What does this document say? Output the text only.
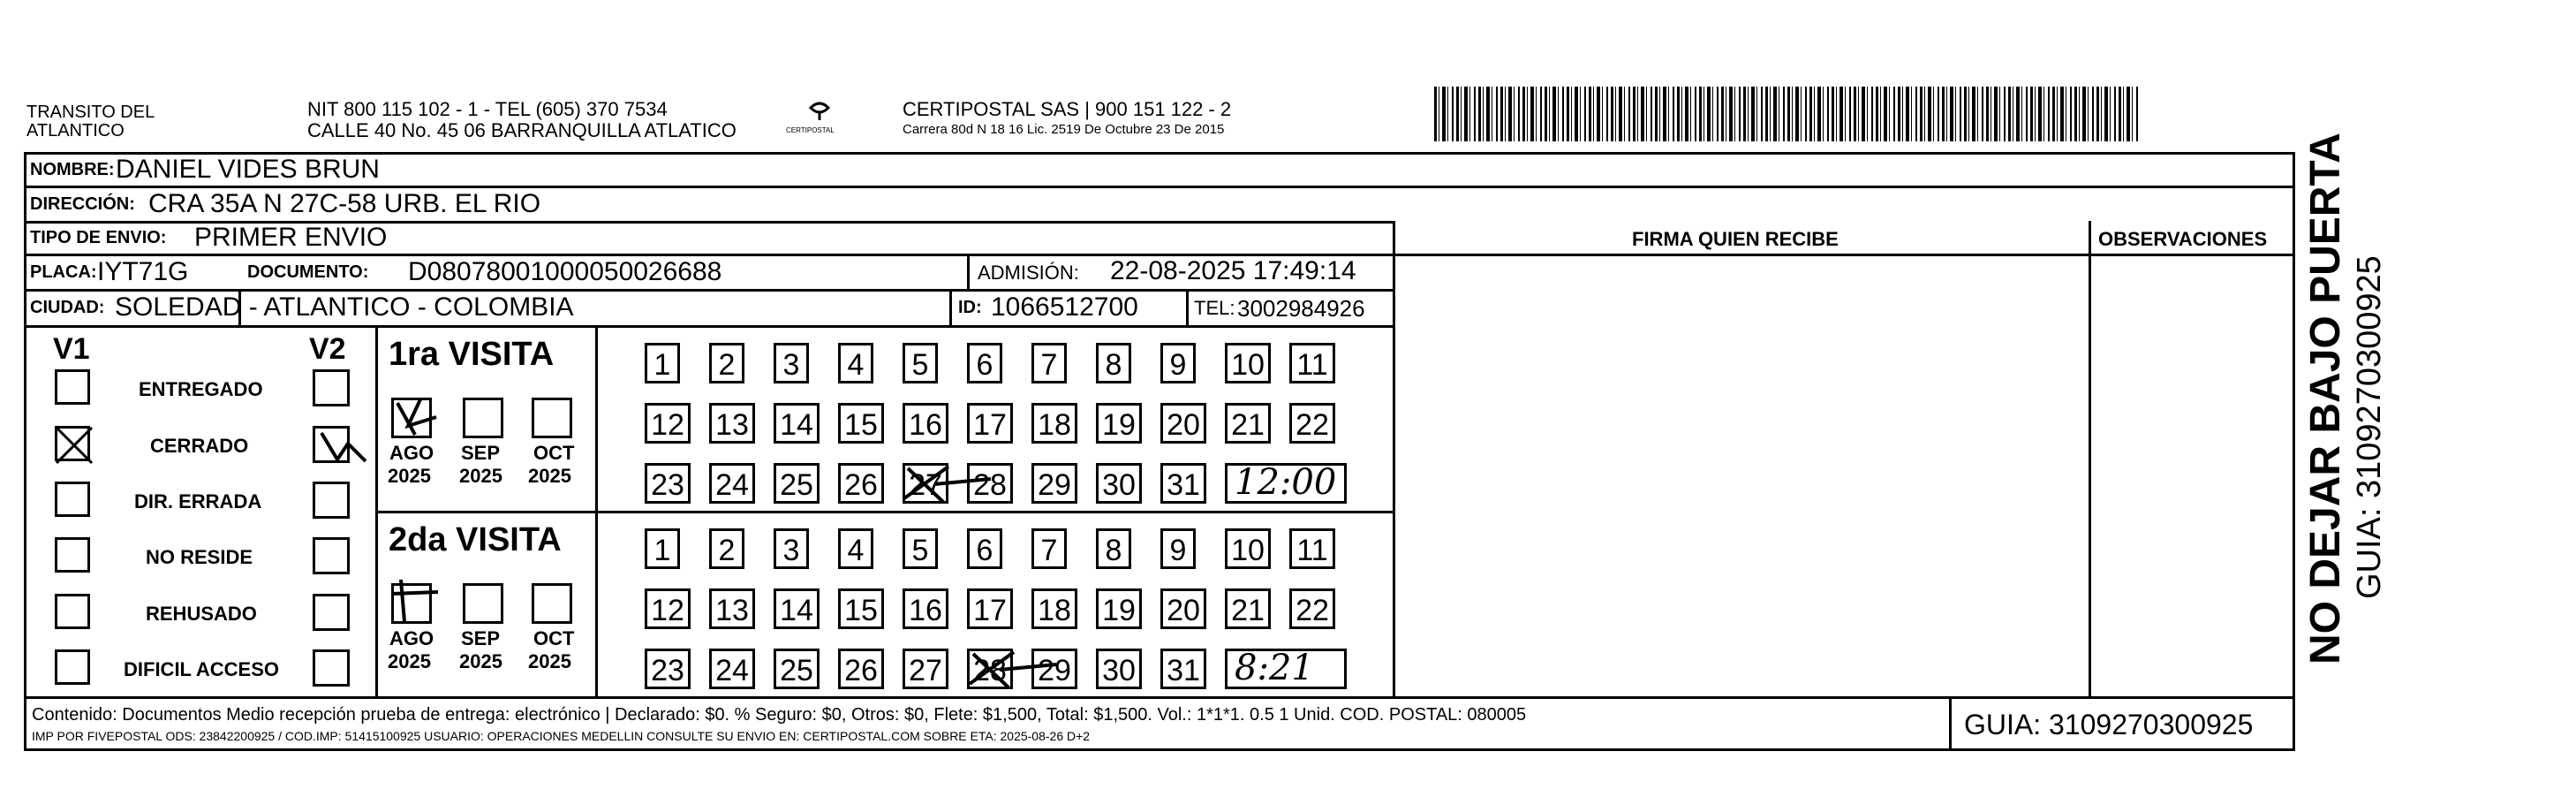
TRANSITO DEL
ATLANTICO
NIT 800 115 102 - 1 - TEL (605) 370 7534
CALLE 40 No. 45 06 BARRANQUILLA ATLATICO	CERTIPOSTAL
CERTIPOSTAL SAS | 900 151 122 - 2
Carrera 80d N 18 16 Lic. 2519 De Octubre 23 De 2015
NOMBRE: DANIEL VIDES BRUN
DIRECCIÓN: CRA 35A N 27C-58 URB. EL RIO
TIPO DE ENVIO: PRIMER ENVIO	FIRMA QUIEN RECIBE	OBSERVACIONES
PLACA: IYT71G	DOCUMENTO: D08078001000050026688	ADMISIÓN: 22-08-2025 17:49:14
CIUDAD: SOLEDAD - ATLANTICO - COLOMBIA	ID: 1066512700	TEL: 3002984926
V1	V2
ENTREGADO
CERRADO
DIR. ERRADA
NO RESIDE
REHUSADO
DIFICIL ACCESO
1ra VISITA
AGO
2025
SEP
2025
OCT
2025
1 2 3 4 5 6 7 8 9 10 11
12 13 14 15 16 17 18 19 20 21 22
23 24 25 26 27 28 29 30 31 12:00
2da VISITA
AGO
2025
SEP
2025
OCT
2025
1 2 3 4 5 6 7 8 9 10 11
12 13 14 15 16 17 18 19 20 21 22
23 24 25 26 27 28 29 30 31 8:21
Contenido: Documentos Medio recepción prueba de entrega: electrónico | Declarado: $0. % Seguro: $0, Otros: $0, Flete: $1,500, Total: $1,500. Vol.: 1*1*1. 0.5 1 Unid. COD. POSTAL: 080005
IMP POR FIVEPOSTAL ODS: 23842200925 / COD.IMP: 51415100925 USUARIO: OPERACIONES MEDELLIN CONSULTE SU ENVIO EN: CERTIPOSTAL.COM SOBRE ETA: 2025-08-26 D+2	GUIA: 3109270300925
NO DEJAR BAJO PUERTA GUIA: 3109270300925
